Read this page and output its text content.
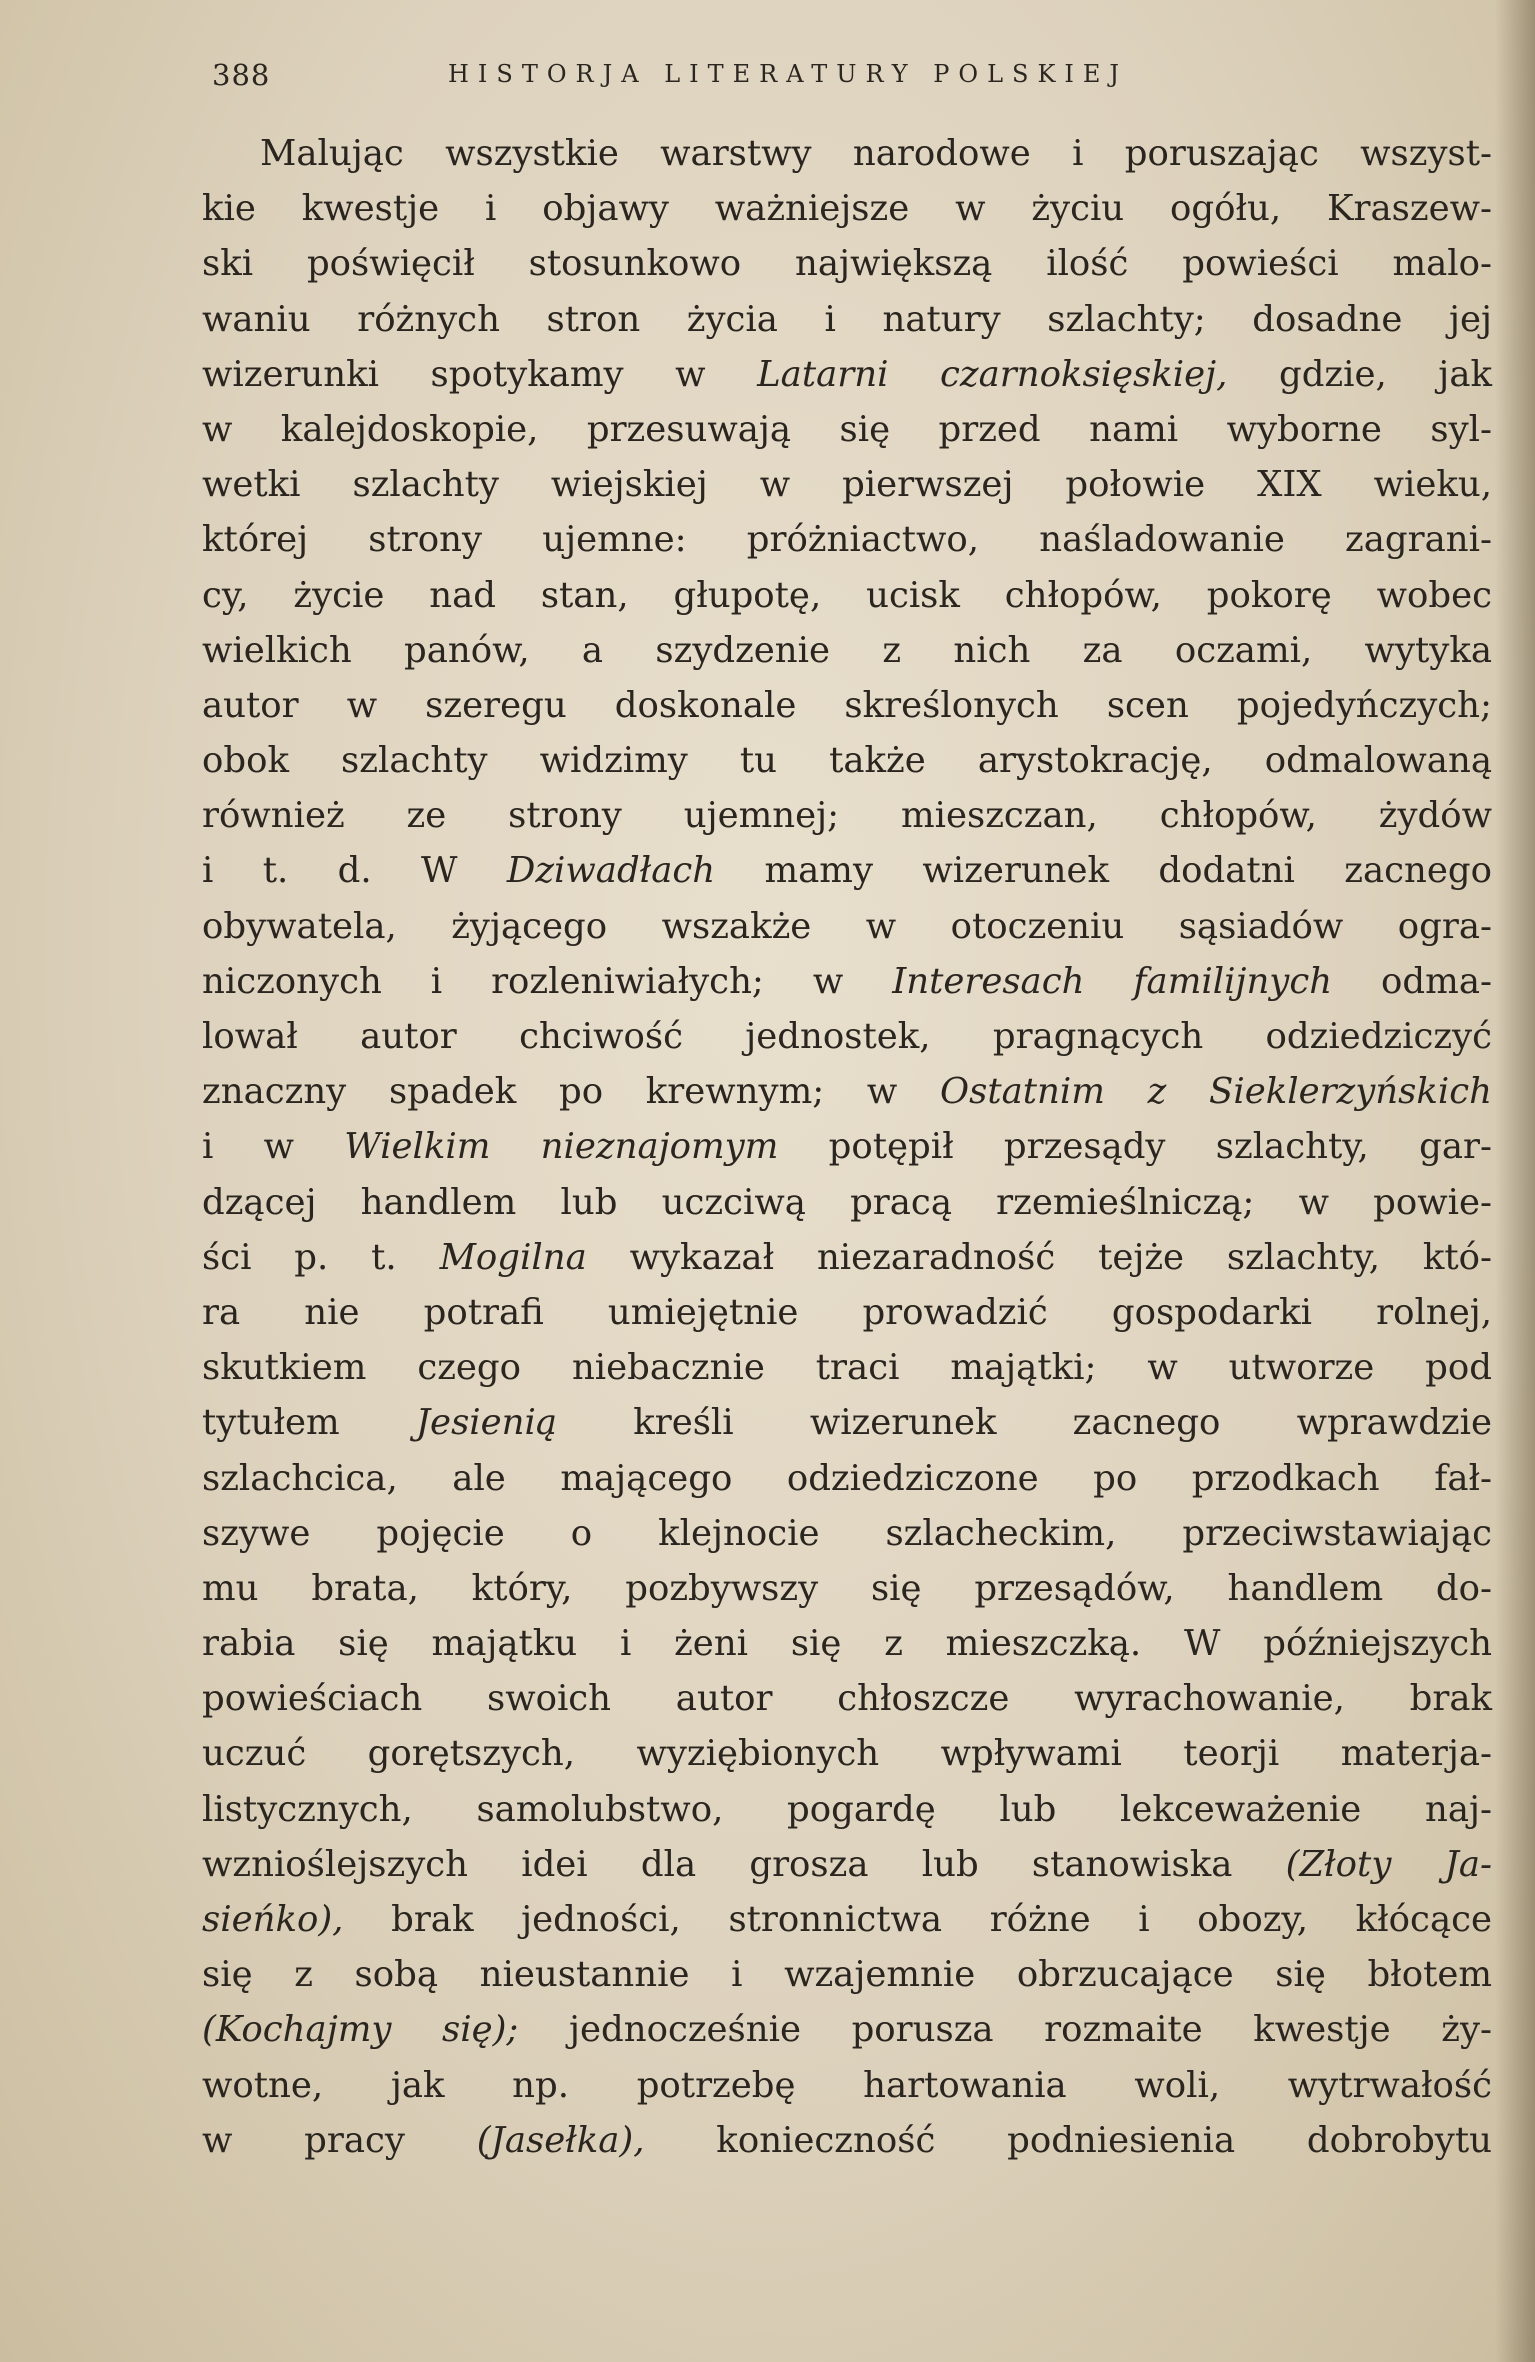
388	HISTORJA LITERATURY POLSKIEJ
Malując wszystkie warstwy narodowe i poruszając wszyst-
kie kwestje i objawy ważniejsze w życiu ogółu, Kraszew-
ski poświęcił stosunkowo największą ilość powieści malo-
waniu różnych stron życia i natury szlachty; dosadne jej
wizerunki spotykamy w Latarni czarnoksięskiej, gdzie, jak
w kalejdoskopie, przesuwają się przed nami wyborne syl-
wetki szlachty wiejskiej w pierwszej połowie XIX wieku,
której strony ujemne: próżniactwo, naśladowanie zagrani-
cy, życie nad stan, głupotę, ucisk chłopów, pokorę wobec
wielkich panów, a szydzenie z nich za oczami, wytyka
autor w szeregu doskonale skreślonych scen pojedyńczych;
obok szlachty widzimy tu także arystokrację, odmalowaną
również ze strony ujemnej; mieszczan, chłopów, żydów
i t. d. W Dziwadłach mamy wizerunek dodatni zacnego
obywatela, żyjącego wszakże w otoczeniu sąsiadów ogra-
niczonych i rozleniwiałych; w Interesach familijnych odma-
lował autor chciwość jednostek, pragnących odziedziczyć
znaczny spadek po krewnym; w Ostatnim z Sieklerzyńskich
i w Wielkim nieznajomym potępił przesądy szlachty, gar-
dzącej handlem lub uczciwą pracą rzemieślniczą; w powie-
ści p. t. Mogilna wykazał niezaradność tejże szlachty, któ-
ra nie potrafi umiejętnie prowadzić gospodarki rolnej,
skutkiem czego niebacznie traci majątki; w utworze pod
tytułem Jesienią kreśli wizerunek zacnego wprawdzie
szlachcica, ale mającego odziedziczone po przodkach fał-
szywe pojęcie o klejnocie szlacheckim, przeciwstawiając
mu brata, który, pozbywszy się przesądów, handlem do-
rabia się majątku i żeni się z mieszczką. W późniejszych
powieściach swoich autor chłoszcze wyrachowanie, brak
uczuć gorętszych, wyziębionych wpływami teorji materja-
listycznych, samolubstwo, pogardę lub lekceważenie naj-
wznioślejszych idei dla grosza lub stanowiska (Złoty Ja-
sieńko), brak jedności, stronnictwa różne i obozy, kłócące
się z sobą nieustannie i wzajemnie obrzucające się błotem
(Kochajmy się); jednocześnie porusza rozmaite kwestje ży-
wotne, jak np. potrzebę hartowania woli, wytrwałość
w pracy (Jasełka), konieczność podniesienia dobrobytu
